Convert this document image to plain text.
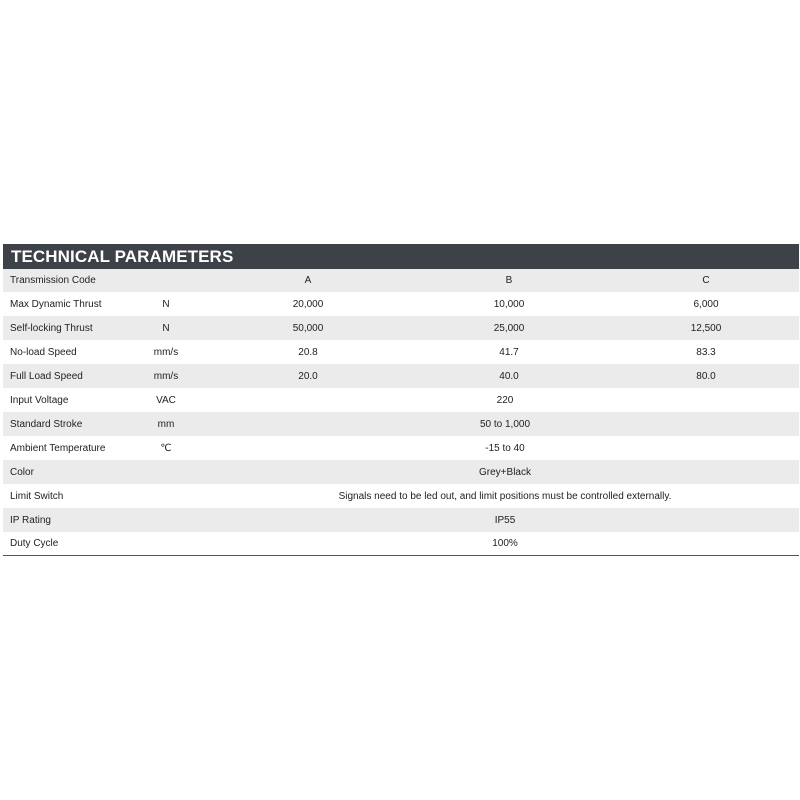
TECHNICAL PARAMETERS
Transmission Code		A	B	C
Max Dynamic Thrust	N	20,000	10,000	6,000
Self-locking Thrust	N	50,000	25,000	12,500
No-load Speed	mm/s	20.8	41.7	83.3
Full Load Speed	mm/s	20.0	40.0	80.0
Input Voltage	VAC	220		
Standard Stroke	mm	50 to 1,000		
Ambient Temperature	℃	-15 to 40		
Color		Grey+Black		
Limit Switch		Signals need to be led out, and limit positions must be controlled externally.		
IP Rating		IP55		
Duty Cycle		100%		
